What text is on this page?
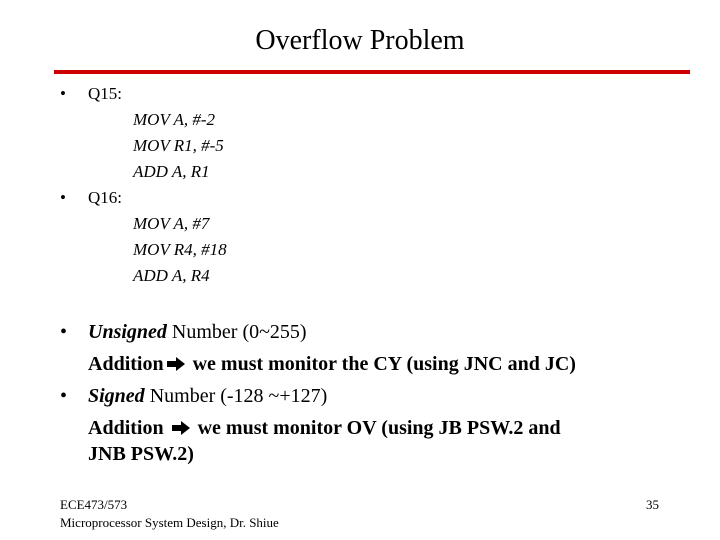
Overflow Problem
• Q15:
MOV A, #-2
MOV R1, #-5
ADD A, R1
• Q16:
MOV A, #7
MOV R4, #18
ADD A, R4
• Unsigned Number (0~255)
Addition we must monitor the CY (using JNC and JC)
• Signed Number (-128 ~+127)
Addition  we must monitor OV (using JB PSW.2 and
JNB PSW.2)
ECE473/573
Microprocessor System Design, Dr. Shiue
35
